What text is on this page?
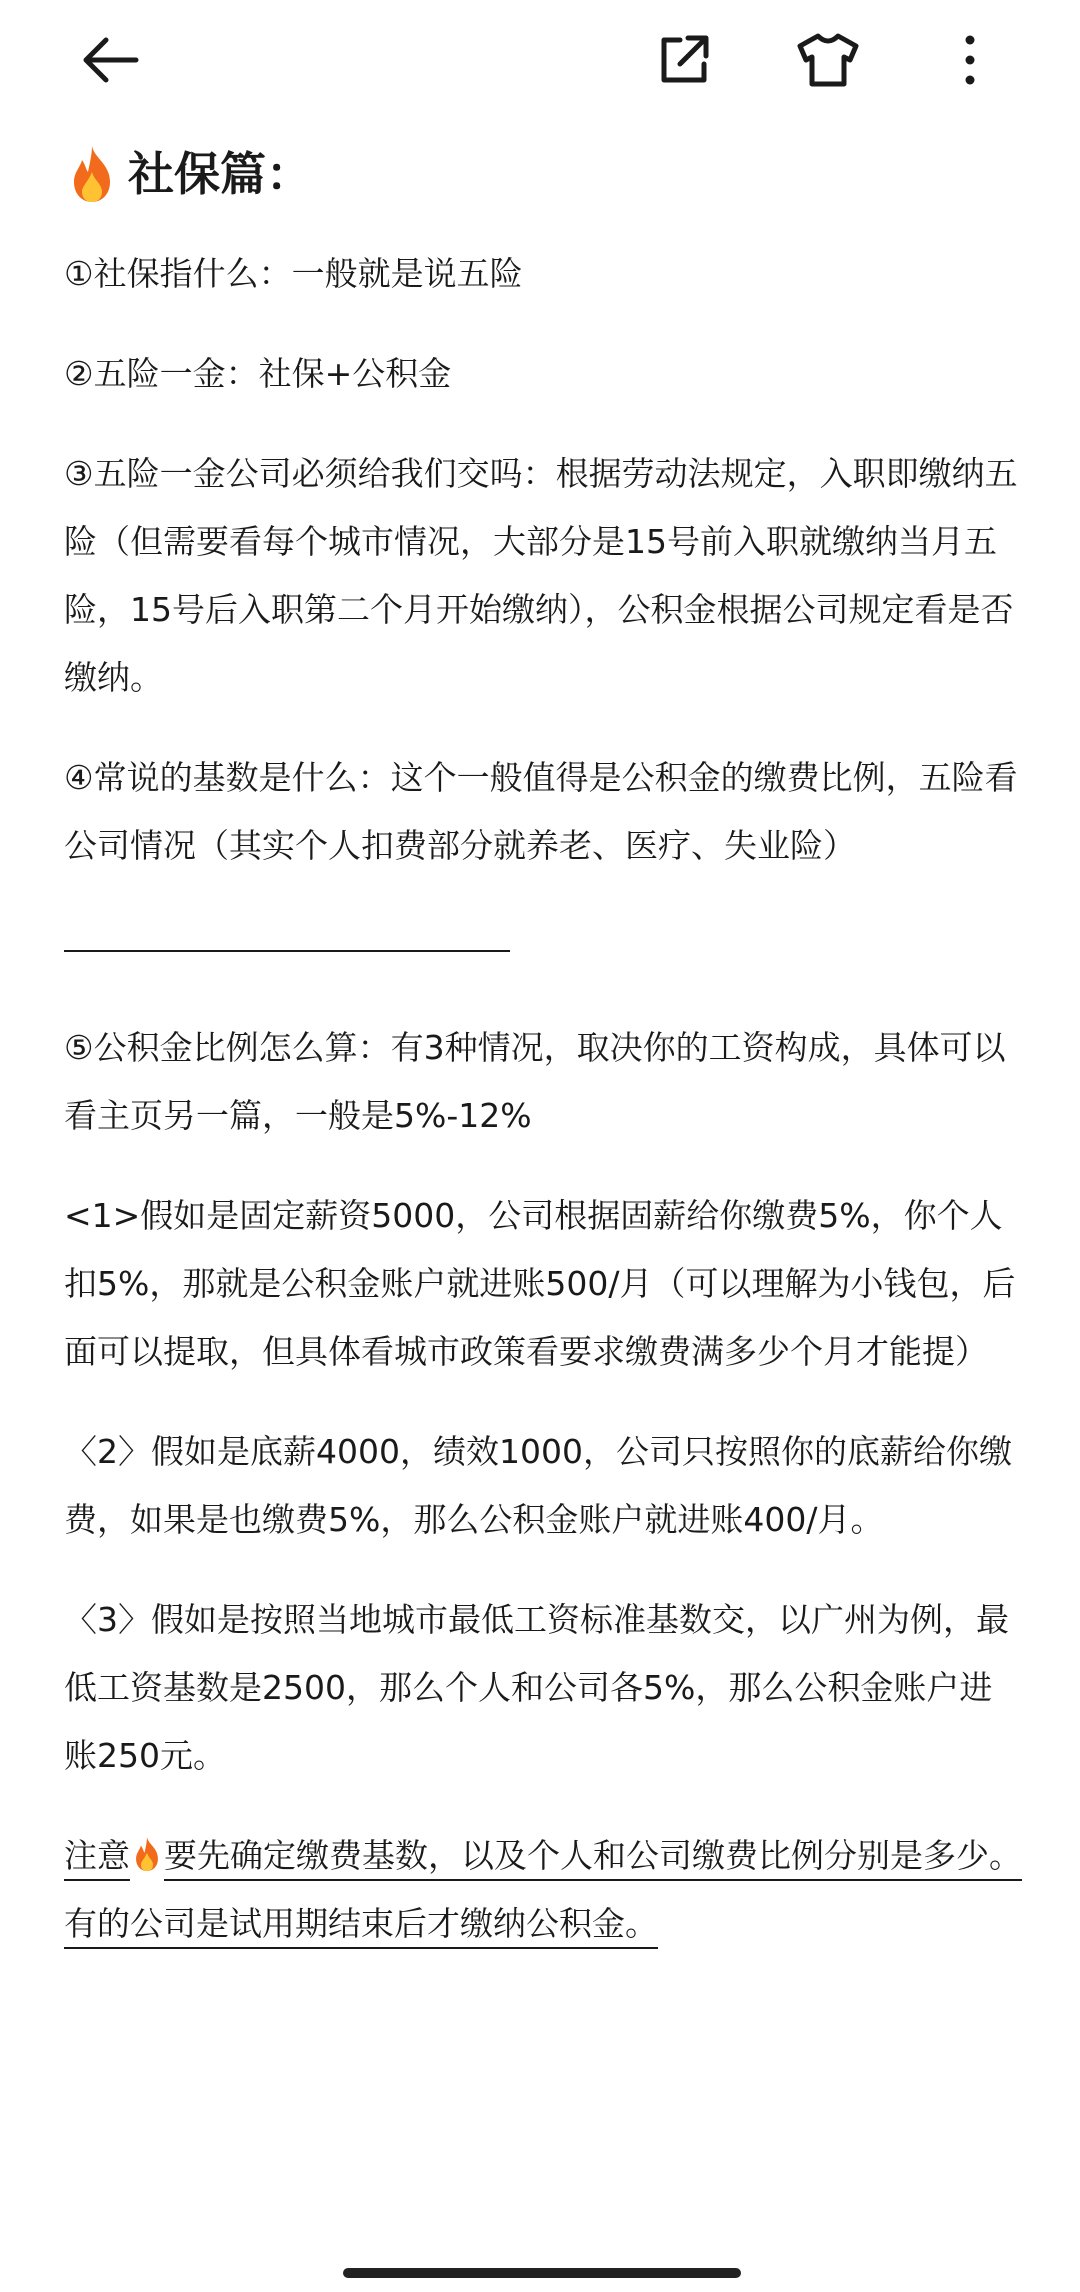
社保篇：
①社保指什么：一般就是说五险
②五险一金：社保+公积金
③五险一金公司必须给我们交吗：根据劳动法规定，入职即缴纳五险（但需要看每个城市情况，大部分是15号前入职就缴纳当月五险，15号后入职第二个月开始缴纳），公积金根据公司规定看是否缴纳。
④常说的基数是什么：这个一般值得是公积金的缴费比例，五险看公司情况（其实个人扣费部分就养老、医疗、失业险）
⑤公积金比例怎么算：有3种情况，取决你的工资构成，具体可以看主页另一篇，一般是5%-12%
<1>假如是固定薪资5000，公司根据固薪给你缴费5%，你个人扣5%，那就是公积金账户就进账500/月（可以理解为小钱包，后面可以提取，但具体看城市政策看要求缴费满多少个月才能提）
〈2〉假如是底薪4000，绩效1000，公司只按照你的底薪给你缴费，如果是也缴费5%，那么公积金账户就进账400/月。
〈3〉假如是按照当地城市最低工资标准基数交，以广州为例，最低工资基数是2500，那么个人和公司各5%，那么公积金账户进账250元。
注意 要先确定缴费基数，以及个人和公司缴费比例分别是多少。有的公司是试用期结束后才缴纳公积金。
